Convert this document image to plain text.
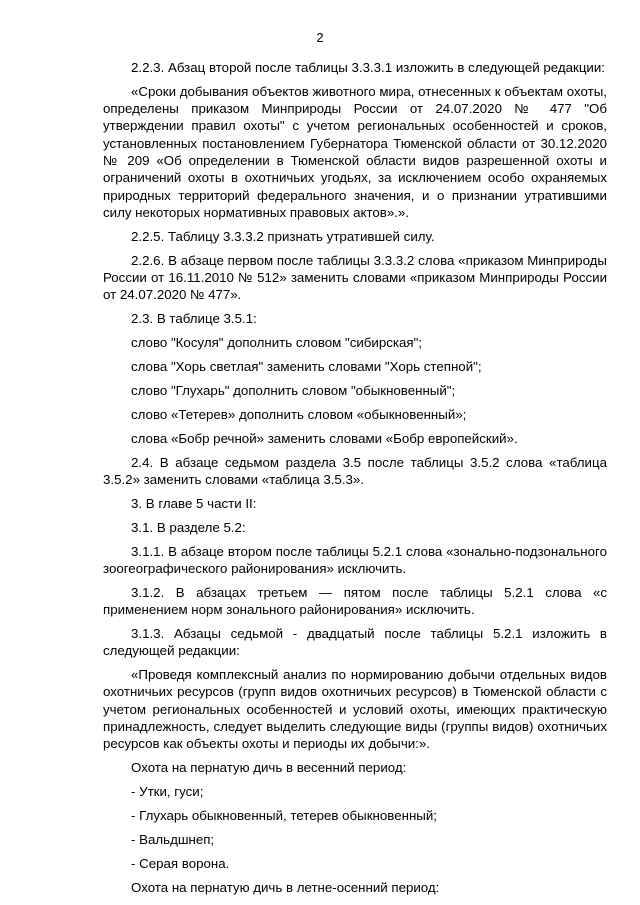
2

2.2.3. Абзац второй после таблицы 3.3.3.1 изложить в следующей редакции:

«Сроки добывания объектов животного мира, отнесенных к объектам охоты, определены приказом Минприроды России от 24.07.2020 № 477 "Об утверждении правил охоты" с учетом региональных особенностей и сроков, установленных постановлением Губернатора Тюменской области от 30.12.2020 № 209 «Об определении в Тюменской области видов разрешенной охоты и ограничений охоты в охотничьих угодьях, за исключением особо охраняемых природных территорий федерального значения, и о признании утратившими силу некоторых нормативных правовых актов».».

2.2.5. Таблицу 3.3.3.2 признать утратившей силу.

2.2.6. В абзаце первом после таблицы 3.3.3.2 слова «приказом Минприроды России от 16.11.2010 № 512» заменить словами «приказом Минприроды России от 24.07.2020 № 477».

2.3. В таблице 3.5.1:

слово "Косуля" дополнить словом "сибирская";

слова "Хорь светлая" заменить словами "Хорь степной";

слово "Глухарь" дополнить словом "обыкновенный";

слово «Тетерев» дополнить словом «обыкновенный»;

слова «Бобр речной» заменить словами «Бобр европейский».

2.4. В абзаце седьмом раздела 3.5 после таблицы 3.5.2 слова «таблица 3.5.2» заменить словами «таблица 3.5.3».

3. В главе 5 части II:

3.1. В разделе 5.2:

3.1.1. В абзаце втором после таблицы 5.2.1 слова «зонально-подзонального зоогеографического районирования» исключить.

3.1.2. В абзацах третьем — пятом после таблицы 5.2.1 слова «с применением норм зонального районирования» исключить.

3.1.3. Абзацы седьмой - двадцатый после таблицы 5.2.1 изложить в следующей редакции:

«Проведя комплексный анализ по нормированию добычи отдельных видов охотничьих ресурсов (групп видов охотничьих ресурсов) в Тюменской области с учетом региональных особенностей и условий охоты, имеющих практическую принадлежность, следует выделить следующие виды (группы видов) охотничьих ресурсов как объекты охоты и периоды их добычи:».

Охота на пернатую дичь в весенний период:

- Утки, гуси;

- Глухарь обыкновенный, тетерев обыкновенный;

- Вальдшнеп;

- Серая ворона.

Охота на пернатую дичь в летне-осенний период:
